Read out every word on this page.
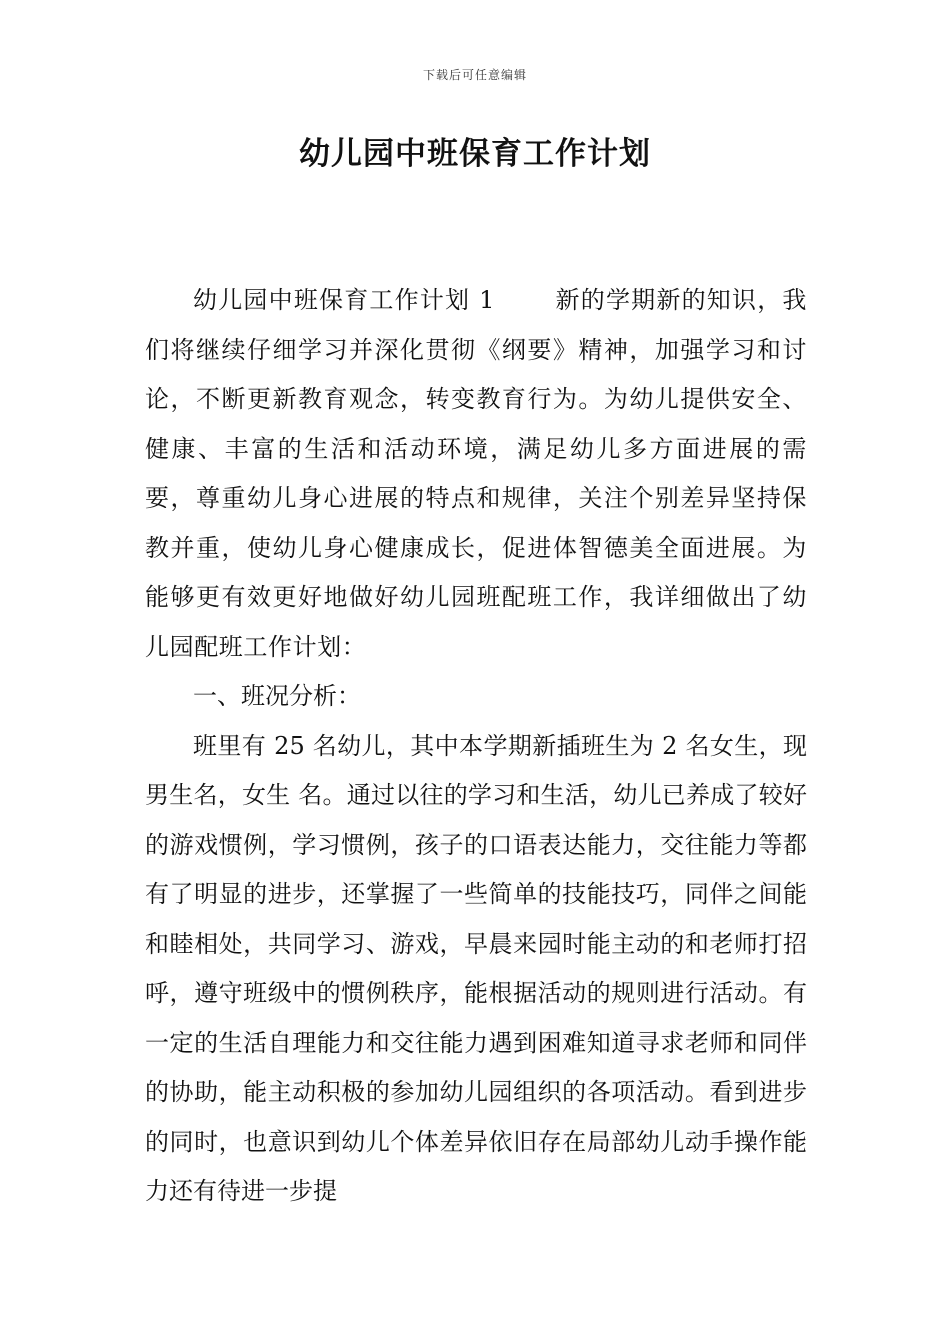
下载后可任意编辑
幼儿园中班保育工作计划

幼儿园中班保育工作计划 1	新的学期新的知识，我们将继续仔细学习并深化贯彻《纲要》精神，加强学习和讨论，不断更新教育观念，转变教育行为。为幼儿提供安全、健康、丰富的生活和活动环境，满足幼儿多方面进展的需要，尊重幼儿身心进展的特点和规律，关注个别差异坚持保教并重，使幼儿身心健康成长，促进体智德美全面进展。为能够更有效更好地做好幼儿园班配班工作，我详细做出了幼儿园配班工作计划：

一、班况分析：

班里有 25 名幼儿，其中本学期新插班生为 2 名女生，现男生名，女生 名。通过以往的学习和生活，幼儿已养成了较好的游戏惯例，学习惯例，孩子的口语表达能力，交往能力等都有了明显的进步，还掌握了一些简单的技能技巧，同伴之间能和睦相处，共同学习、游戏，早晨来园时能主动的和老师打招呼，遵守班级中的惯例秩序，能根据活动的规则进行活动。有一定的生活自理能力和交往能力遇到困难知道寻求老师和同伴的协助，能主动积极的参加幼儿园组织的各项活动。看到进步的同时，也意识到幼儿个体差异依旧存在局部幼儿动手操作能力还有待进一步提
